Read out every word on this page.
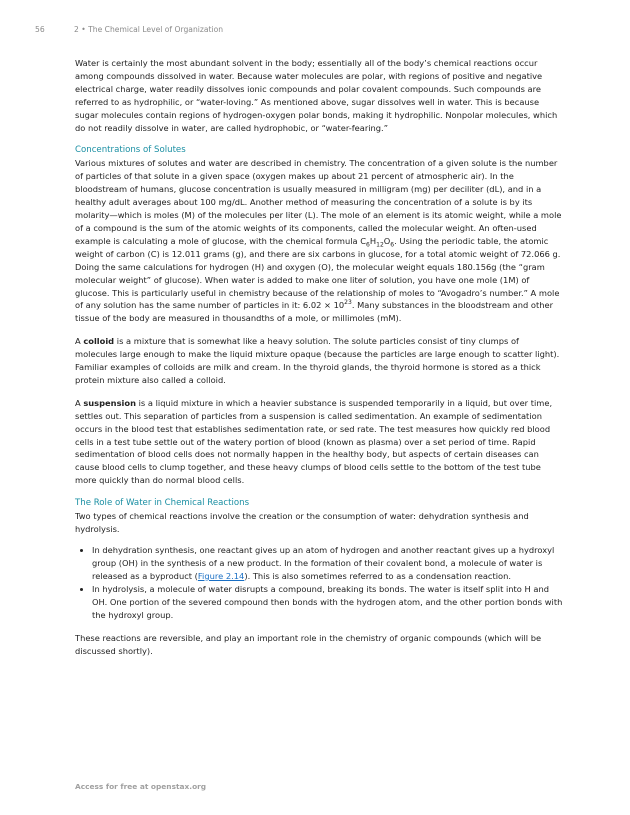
56	2 • The Chemical Level of Organization

Water is certainly the most abundant solvent in the body; essentially all of the body’s chemical reactions occur among compounds dissolved in water. Because water molecules are polar, with regions of positive and negative electrical charge, water readily dissolves ionic compounds and polar covalent compounds. Such compounds are referred to as hydrophilic, or “water-loving.” As mentioned above, sugar dissolves well in water. This is because sugar molecules contain regions of hydrogen-oxygen polar bonds, making it hydrophilic. Nonpolar molecules, which do not readily dissolve in water, are called hydrophobic, or “water-fearing.”

Concentrations of Solutes

Various mixtures of solutes and water are described in chemistry. The concentration of a given solute is the number of particles of that solute in a given space (oxygen makes up about 21 percent of atmospheric air). In the bloodstream of humans, glucose concentration is usually measured in milligram (mg) per deciliter (dL), and in a healthy adult averages about 100 mg/dL. Another method of measuring the concentration of a solute is by its molarity—which is moles (M) of the molecules per liter (L). The mole of an element is its atomic weight, while a mole of a compound is the sum of the atomic weights of its components, called the molecular weight. An often-used example is calculating a mole of glucose, with the chemical formula $C_6H_{12}O_6$. Using the periodic table, the atomic weight of carbon (C) is 12.011 grams (g), and there are six carbons in glucose, for a total atomic weight of 72.066 g. Doing the same calculations for hydrogen (H) and oxygen (O), the molecular weight equals 180.156g (the “gram molecular weight” of glucose). When water is added to make one liter of solution, you have one mole (1M) of glucose. This is particularly useful in chemistry because of the relationship of moles to “Avogadro’s number.” A mole of any solution has the same number of particles in it: $6.02 \times 10^{23}$. Many substances in the bloodstream and other tissue of the body are measured in thousandths of a mole, or millimoles (mM).

A colloid is a mixture that is somewhat like a heavy solution. The solute particles consist of tiny clumps of molecules large enough to make the liquid mixture opaque (because the particles are large enough to scatter light). Familiar examples of colloids are milk and cream. In the thyroid glands, the thyroid hormone is stored as a thick protein mixture also called a colloid.

A suspension is a liquid mixture in which a heavier substance is suspended temporarily in a liquid, but over time, settles out. This separation of particles from a suspension is called sedimentation. An example of sedimentation occurs in the blood test that establishes sedimentation rate, or sed rate. The test measures how quickly red blood cells in a test tube settle out of the watery portion of blood (known as plasma) over a set period of time. Rapid sedimentation of blood cells does not normally happen in the healthy body, but aspects of certain diseases can cause blood cells to clump together, and these heavy clumps of blood cells settle to the bottom of the test tube more quickly than do normal blood cells.

The Role of Water in Chemical Reactions

Two types of chemical reactions involve the creation or the consumption of water: dehydration synthesis and hydrolysis.

• In dehydration synthesis, one reactant gives up an atom of hydrogen and another reactant gives up a hydroxyl group (OH) in the synthesis of a new product. In the formation of their covalent bond, a molecule of water is released as a byproduct (Figure 2.14). This is also sometimes referred to as a condensation reaction.
• In hydrolysis, a molecule of water disrupts a compound, breaking its bonds. The water is itself split into H and OH. One portion of the severed compound then bonds with the hydrogen atom, and the other portion bonds with the hydroxyl group.

These reactions are reversible, and play an important role in the chemistry of organic compounds (which will be discussed shortly).

Access for free at openstax.org
